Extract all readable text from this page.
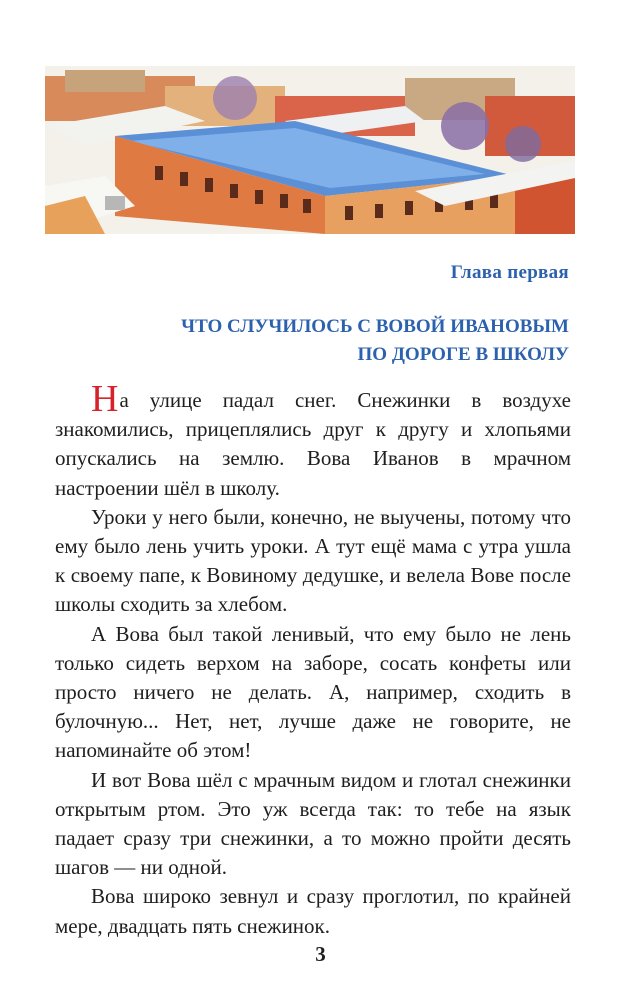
Глава первая
ЧТО СЛУЧИЛОСЬ С ВОВОЙ ИВАНОВЫМ
ПО ДОРОГЕ В ШКОЛУ

На улице падал снег. Снежинки в воздухе знакомились, прицеплялись друг к другу и хлопьями опускались на землю. Вова Иванов в мрачном настроении шёл в школу.

Уроки у него были, конечно, не выучены, потому что ему было лень учить уроки. А тут ещё мама с утра ушла к своему папе, к Вовиному дедушке, и велела Вове после школы сходить за хлебом.

А Вова был такой ленивый, что ему было не лень только сидеть верхом на заборе, сосать конфеты или просто ничего не делать. А, например, сходить в булочную... Нет, нет, лучше даже не говорите, не напоминайте об этом!

И вот Вова шёл с мрачным видом и глотал снежинки открытым ртом. Это уж всегда так: то тебе на язык падает сразу три снежинки, а то можно пройти десять шагов — ни одной.

Вова широко зевнул и сразу проглотил, по крайней мере, двадцать пять снежинок.

3
